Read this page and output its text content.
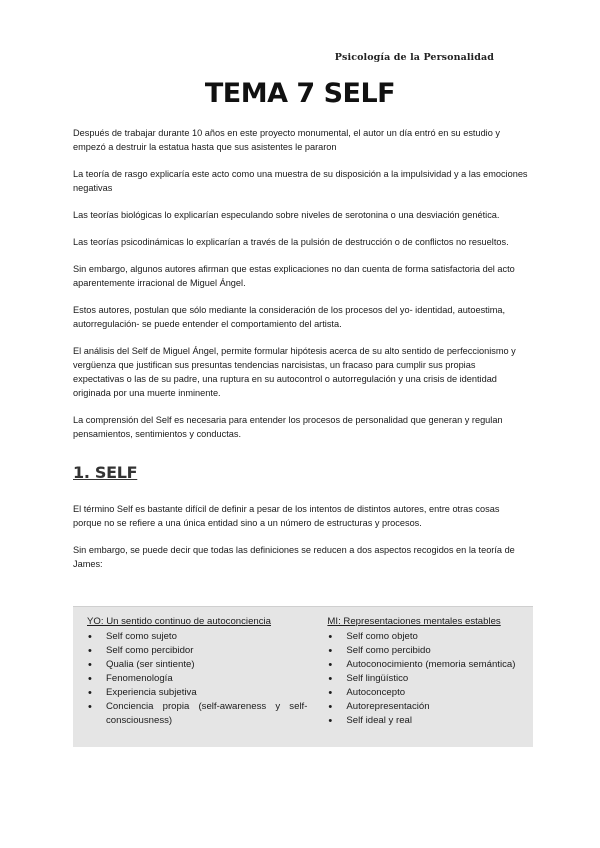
Psicología de la Personalidad
TEMA 7 SELF

Después de trabajar durante 10 años en este proyecto monumental, el autor un día entró en su estudio y empezó a destruir la estatua hasta que sus asistentes le pararon

La teoría de rasgo explicaría este acto como una muestra de su disposición a la impulsividad y a las emociones negativas

Las teorías biológicas lo explicarían especulando sobre niveles de serotonina o una desviación genética.

Las teorías psicodinámicas lo explicarían a través de la pulsión de destrucción o de conflictos no resueltos.

Sin embargo, algunos autores afirman que estas explicaciones no dan cuenta de forma satisfactoria del acto aparentemente irracional de Miguel Ángel.

Estos autores, postulan que sólo mediante la consideración de los procesos del yo- identidad, autoestima, autorregulación- se puede entender el comportamiento del artista.

El análisis del Self de Miguel Ángel, permite formular hipótesis acerca de su alto sentido de perfeccionismo y vergüenza que justifican sus presuntas tendencias narcisistas, un fracaso para cumplir sus propias expectativas o las de su padre, una ruptura en su autocontrol o autorregulación y una crisis de identidad originada por una muerte inminente.

La comprensión del Self es necesaria para entender los procesos de personalidad que generan y regulan pensamientos, sentimientos y conductas.

1. SELF

El término Self es bastante difícil de definir a pesar de los intentos de distintos autores, entre otras cosas porque no se refiere a una única entidad sino a un número de estructuras y procesos.

Sin embargo, se puede decir que todas las definiciones se reducen a dos aspectos recogidos en la teoría de James:

YO: Un sentido continuo de autoconciencia
• Self como sujeto
• Self como percibidor
• Qualia (ser sintiente)
• Fenomenología
• Experiencia subjetiva
• Conciencia propia (self-awareness y self-consciousness)
MI: Representaciones mentales estables
• Self como objeto
• Self como percibido
• Autoconocimiento (memoria semántica)
• Self lingüístico
• Autoconcepto
• Autorepresentación
• Self ideal y real
